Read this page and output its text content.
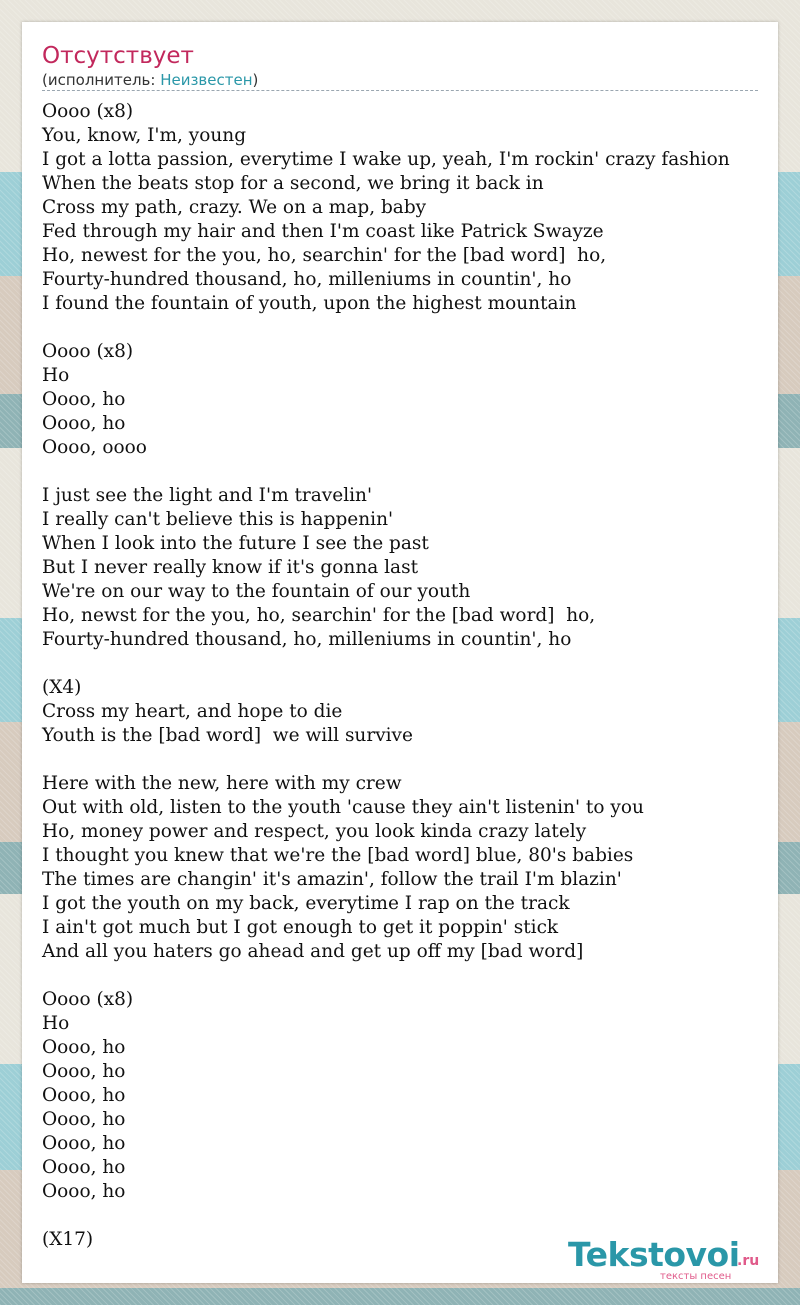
Отсутствует
(исполнитель: Неизвестен)
Oooo (x8)
You, know, I'm, young
I got a lotta passion, everytime I wake up, yeah, I'm rockin' crazy fashion
When the beats stop for a second, we bring it back in
Cross my path, crazy. We on a map, baby
Fed through my hair and then I'm coast like Patrick Swayze
Ho, newest for the you, ho, searchin' for the [bad word]  ho,
Fourty-hundred thousand, ho, milleniums in countin', ho
I found the fountain of youth, upon the highest mountain

Oooo (x8)
Ho
Oooo, ho
Oooo, ho
Oooo, oooo

I just see the light and I'm travelin'
I really can't believe this is happenin'
When I look into the future I see the past
But I never really know if it's gonna last
We're on our way to the fountain of our youth
Ho, newst for the you, ho, searchin' for the [bad word]  ho,
Fourty-hundred thousand, ho, milleniums in countin', ho

(X4)
Cross my heart, and hope to die
Youth is the [bad word]  we will survive

Here with the new, here with my crew
Out with old, listen to the youth 'cause they ain't listenin' to you
Ho, money power and respect, you look kinda crazy lately
I thought you knew that we're the [bad word] blue, 80's babies
The times are changin' it's amazin', follow the trail I'm blazin'
I got the youth on my back, everytime I rap on the track
I ain't got much but I got enough to get it poppin' stick
And all you haters go ahead and get up off my [bad word]

Oooo (x8)
Ho
Oooo, ho
Oooo, ho
Oooo, ho
Oooo, ho
Oooo, ho
Oooo, ho
Oooo, ho

(X17)	Tekstovoi
.ru
тексты песен
